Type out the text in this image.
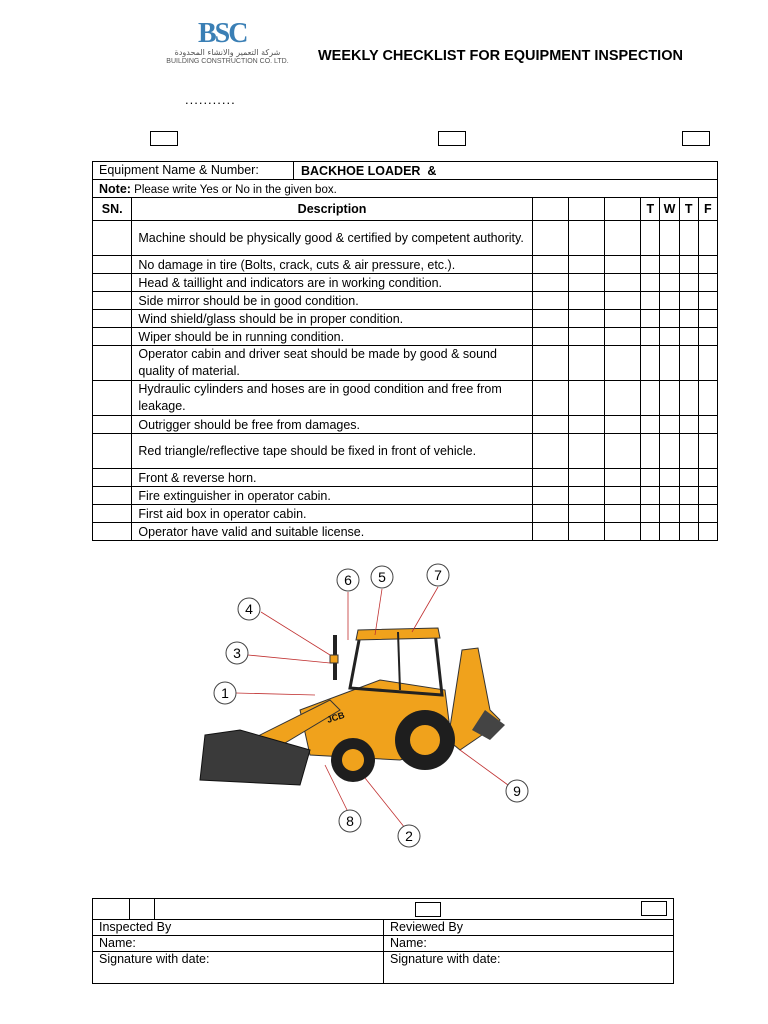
BSC
شركة التعمير والانشاء المحدودة
BUILDING CONSTRUCTION CO. LTD.	WEEKLY CHECKLIST FOR EQUIPMENT INSPECTION
...........
Equipment Name & Number: BACKHOE LOADER  &								

Note: Please write Yes or No in the given box.								
SN.	Description				T	W	T	F
	Machine should be physically good & certified by competent authority.							
	No damage in tire (Bolts, crack, cuts & air pressure, etc.).							
	Head & taillight and indicators are in working condition.							
	Side mirror should be in good condition.							
	Wind shield/glass should be in proper condition.							
	Wiper should be in running condition.							
	Operator cabin and driver seat should be made by good & sound quality of material.							
	Hydraulic cylinders and hoses are in good condition and free from leakage.							
	Outrigger should be free from damages.							
	Red triangle/reflective tape should be fixed in front of vehicle.							
	Front & reverse horn.							
	Fire extinguisher in operator cabin.							
	First aid box in operator cabin.							
	Operator have valid and suitable license.							
JCB
6 5	7
4
3
1
9
8
2

Inspected By	Reviewed By
Name:	Name:
Signature with date:	Signature with date:
